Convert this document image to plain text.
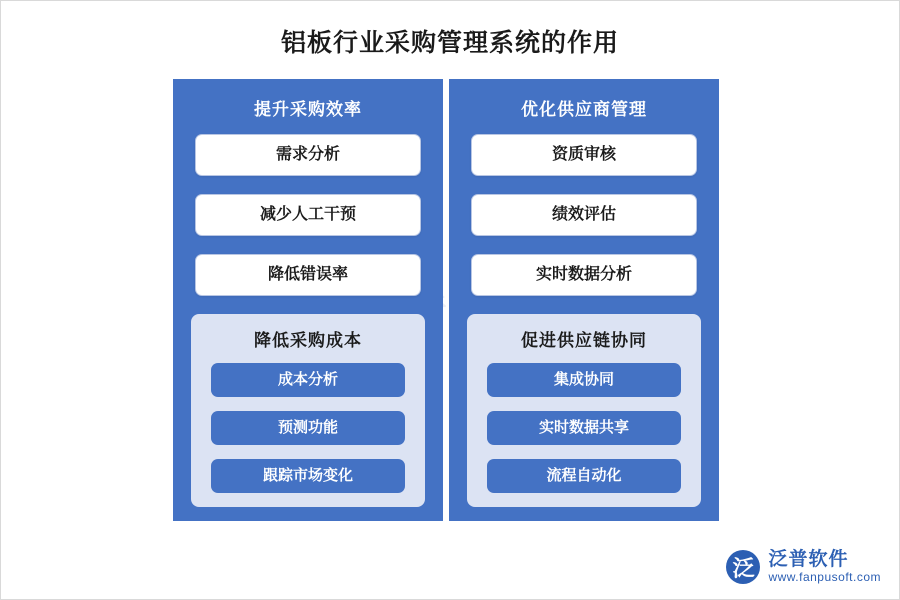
铝板行业采购管理系统的作用
提升采购效率
需求分析
减少人工干预
降低错误率
降低采购成本
成本分析
预测功能
跟踪市场变化
优化供应商管理
资质审核
绩效评估
实时数据分析
促进供应链协同
集成协同
实时数据共享
流程自动化
泛 泛普软件
www.fanpusoft.com
